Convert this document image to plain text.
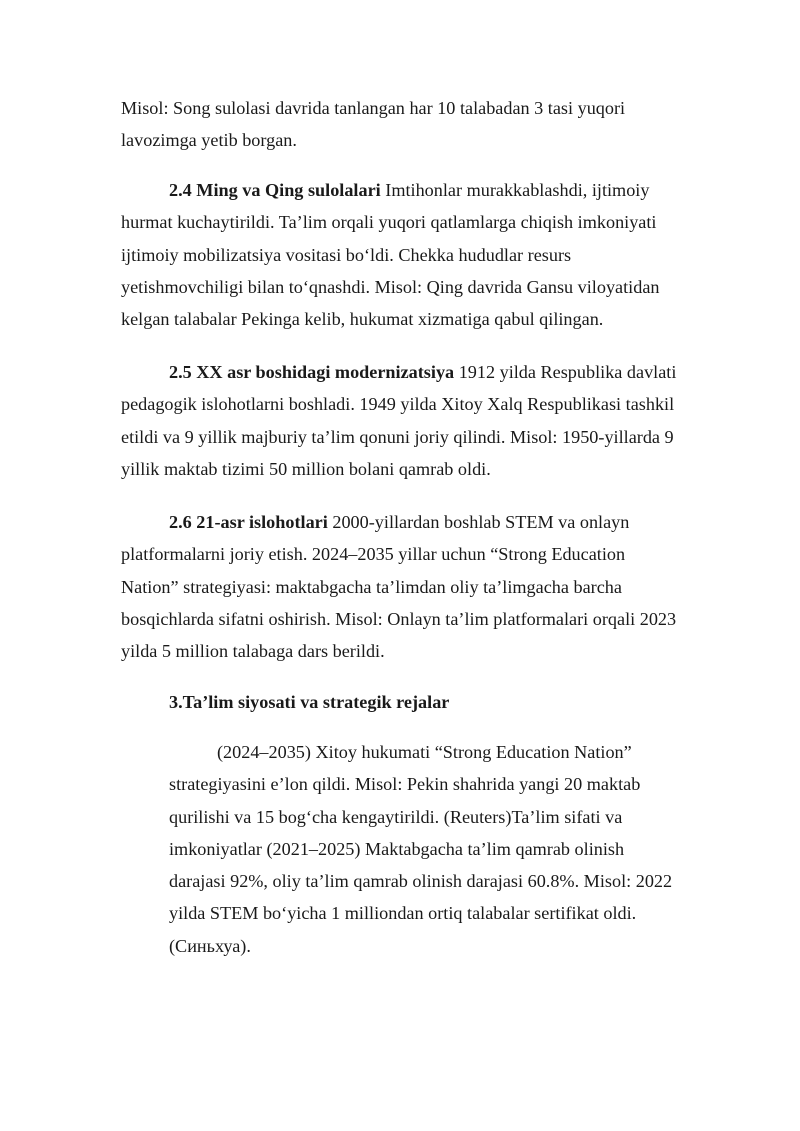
Misol: Song sulolasi davrida tanlangan har 10 talabadan 3 tasi yuqori lavozimga yetib borgan.

2.4 Ming va Qing sulolalari Imtihonlar murakkablashdi, ijtimoiy hurmat kuchaytirildi. Ta’lim orqali yuqori qatlamlarga chiqish imkoniyati ijtimoiy mobilizatsiya vositasi bo‘ldi. Chekka hududlar resurs yetishmovchiligi bilan to‘qnashdi. Misol: Qing davrida Gansu viloyatidan kelgan talabalar Pekinga kelib, hukumat xizmatiga qabul qilingan.

2.5 XX asr boshidagi modernizatsiya 1912 yilda Respublika davlati pedagogik islohotlarni boshladi. 1949 yilda Xitoy Xalq Respublikasi tashkil etildi va 9 yillik majburiy ta’lim qonuni joriy qilindi. Misol: 1950-yillarda 9 yillik maktab tizimi 50 million bolani qamrab oldi.

2.6 21-asr islohotlari 2000-yillardan boshlab STEM va onlayn platformalarni joriy etish. 2024–2035 yillar uchun “Strong Education Nation” strategiyasi: maktabgacha ta’limdan oliy ta’limgacha barcha bosqichlarda sifatni oshirish. Misol: Onlayn ta’lim platformalari orqali 2023 yilda 5 million talabaga dars berildi.

3.Ta’lim siyosati va strategik rejalar

(2024–2035) Xitoy hukumati “Strong Education Nation” strategiyasini e’lon qildi. Misol: Pekin shahrida yangi 20 maktab qurilishi va 15 bog‘cha kengaytirildi. (Reuters)Ta’lim sifati va imkoniyatlar (2021–2025) Maktabgacha ta’lim qamrab olinish darajasi 92%, oliy ta’lim qamrab olinish darajasi 60.8%. Misol: 2022 yilda STEM bo‘yicha 1 milliondan ortiq talabalar sertifikat oldi. (Синьхуа).
